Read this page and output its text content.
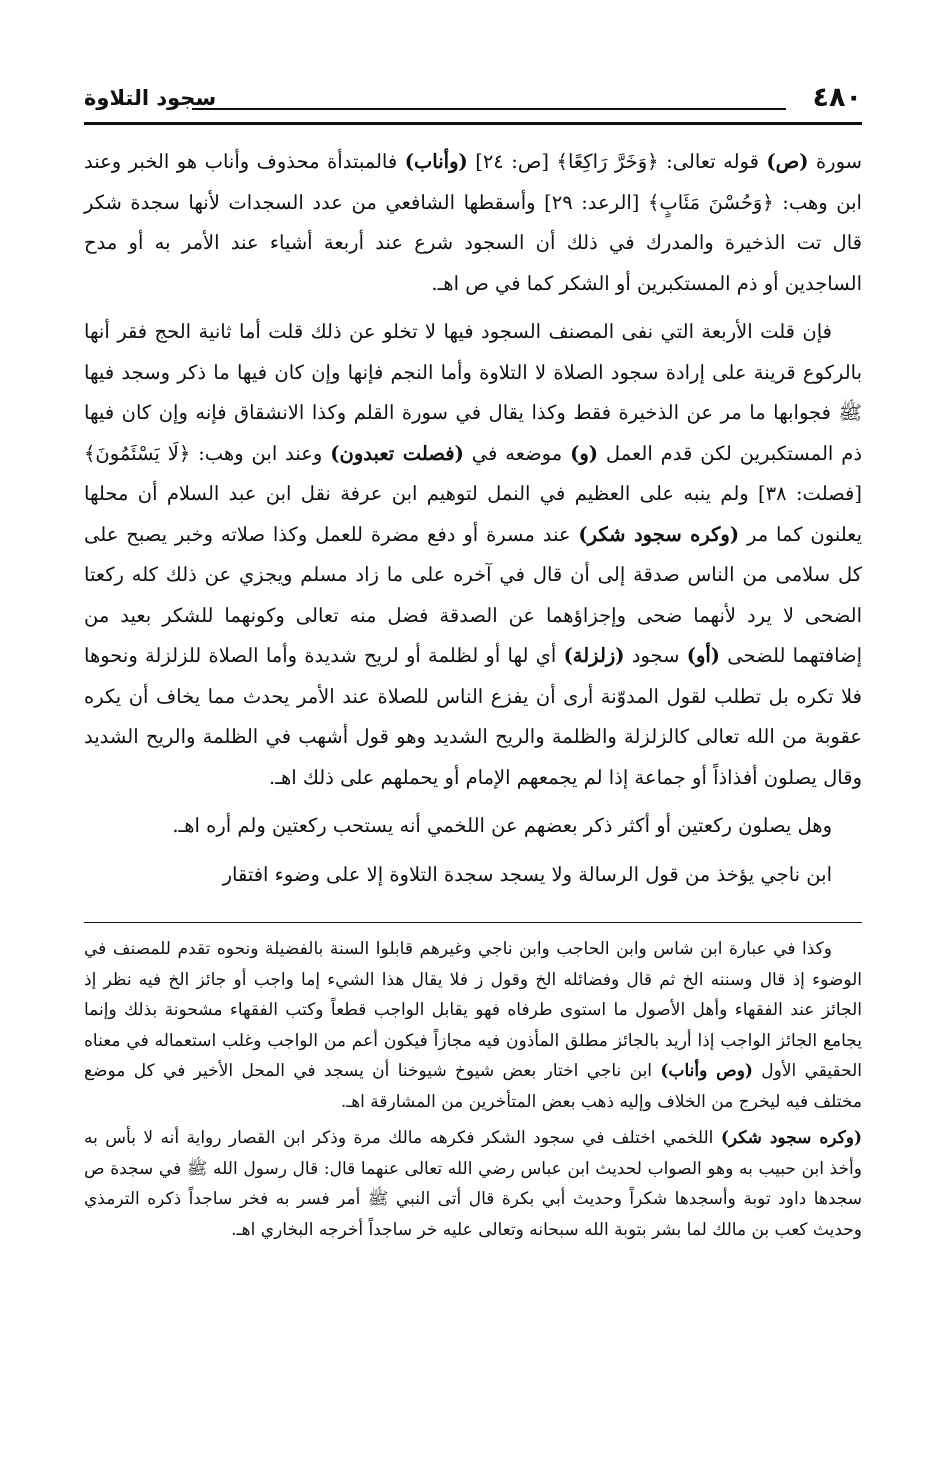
٤٨٠
سجود التلاوة

سورة (ص) قوله تعالى: ﴿وَخَرَّ رَاكِعًا﴾ [ص: ٢٤] (وأناب) فالمبتدأة محذوف وأناب هو الخبر وعند ابن وهب: ﴿وَحُسْنَ مَئَابٍ﴾ [الرعد: ٢٩] وأسقطها الشافعي من عدد السجدات لأنها سجدة شكر قال تت الذخيرة والمدرك في ذلك أن السجود شرع عند أربعة أشياء عند الأمر به أو مدح الساجدين أو ذم المستكبرين أو الشكر كما في ص اهـ.

فإن قلت الأربعة التي نفى المصنف السجود فيها لا تخلو عن ذلك قلت أما ثانية الحج فقر أنها بالركوع قرينة على إرادة سجود الصلاة لا التلاوة وأما النجم فإنها وإن كان فيها ما ذكر وسجد فيها ﷺ فجوابها ما مر عن الذخيرة فقط وكذا يقال في سورة القلم وكذا الانشقاق فإنه وإن كان فيها ذم المستكبرين لكن قدم العمل (و) موضعه في (فصلت تعبدون) وعند ابن وهب: ﴿لَا يَسْئَمُونَ﴾ [فصلت: ٣٨] ولم ينبه على العظيم في النمل لتوهيم ابن عرفة نقل ابن عبد السلام أن محلها يعلنون كما مر (وكره سجود شكر) عند مسرة أو دفع مضرة للعمل وكذا صلاته وخبر يصبح على كل سلامى من الناس صدقة إلى أن قال في آخره على ما زاد مسلم ويجزي عن ذلك كله ركعتا الضحى لا يرد لأنهما ضحى وإجزاؤهما عن الصدقة فضل منه تعالى وكونهما للشكر بعيد من إضافتهما للضحى (أو) سجود (زلزلة) أي لها أو لظلمة أو لريح شديدة وأما الصلاة للزلزلة ونحوها فلا تكره بل تطلب لقول المدوّنة أرى أن يفزع الناس للصلاة عند الأمر يحدث مما يخاف أن يكره عقوبة من الله تعالى كالزلزلة والظلمة والريح الشديد وهو قول أشهب في الظلمة والريح الشديد وقال يصلون أفذاذاً أو جماعة إذا لم يجمعهم الإمام أو يحملهم على ذلك اهـ.

وهل يصلون ركعتين أو أكثر ذكر بعضهم عن اللخمي أنه يستحب ركعتين ولم أره اهـ.

ابن ناجي يؤخذ من قول الرسالة ولا يسجد سجدة التلاوة إلا على وضوء افتقار

وكذا في عبارة ابن شاس وابن الحاجب وابن ناجي وغيرهم قابلوا السنة بالفضيلة ونحوه تقدم للمصنف في الوضوء إذ قال وسننه الخ ثم قال وفضائله الخ وقول ز فلا يقال هذا الشيء إما واجب أو جائز الخ فيه نظر إذ الجائز عند الفقهاء وأهل الأصول ما استوى طرفاه فهو يقابل الواجب قطعاً وكتب الفقهاء مشحونة بذلك وإنما يجامع الجائز الواجب إذا أريد بالجائز مطلق المأذون فيه مجازاً فيكون أعم من الواجب وغلب استعماله في معناه الحقيقي الأول (وص وأناب) ابن ناجي اختار بعض شيوخ شيوخنا أن يسجد في المحل الأخير في كل موضع مختلف فيه ليخرج من الخلاف وإليه ذهب بعض المتأخرين من المشارقة اهـ.

(وكره سجود شكر) اللخمي اختلف في سجود الشكر فكرهه مالك مرة وذكر ابن القصار رواية أنه لا بأس به وأخذ ابن حبيب به وهو الصواب لحديث ابن عباس رضي الله تعالى عنهما قال: قال رسول الله ﷺ في سجدة ص سجدها داود توبة وأسجدها شكراً وحديث أبي بكرة قال أتى النبي ﷺ أمر فسر به فخر ساجداً ذكره الترمذي وحديث كعب بن مالك لما بشر بتوبة الله سبحانه وتعالى عليه خر ساجداً أخرجه البخاري اهـ.
